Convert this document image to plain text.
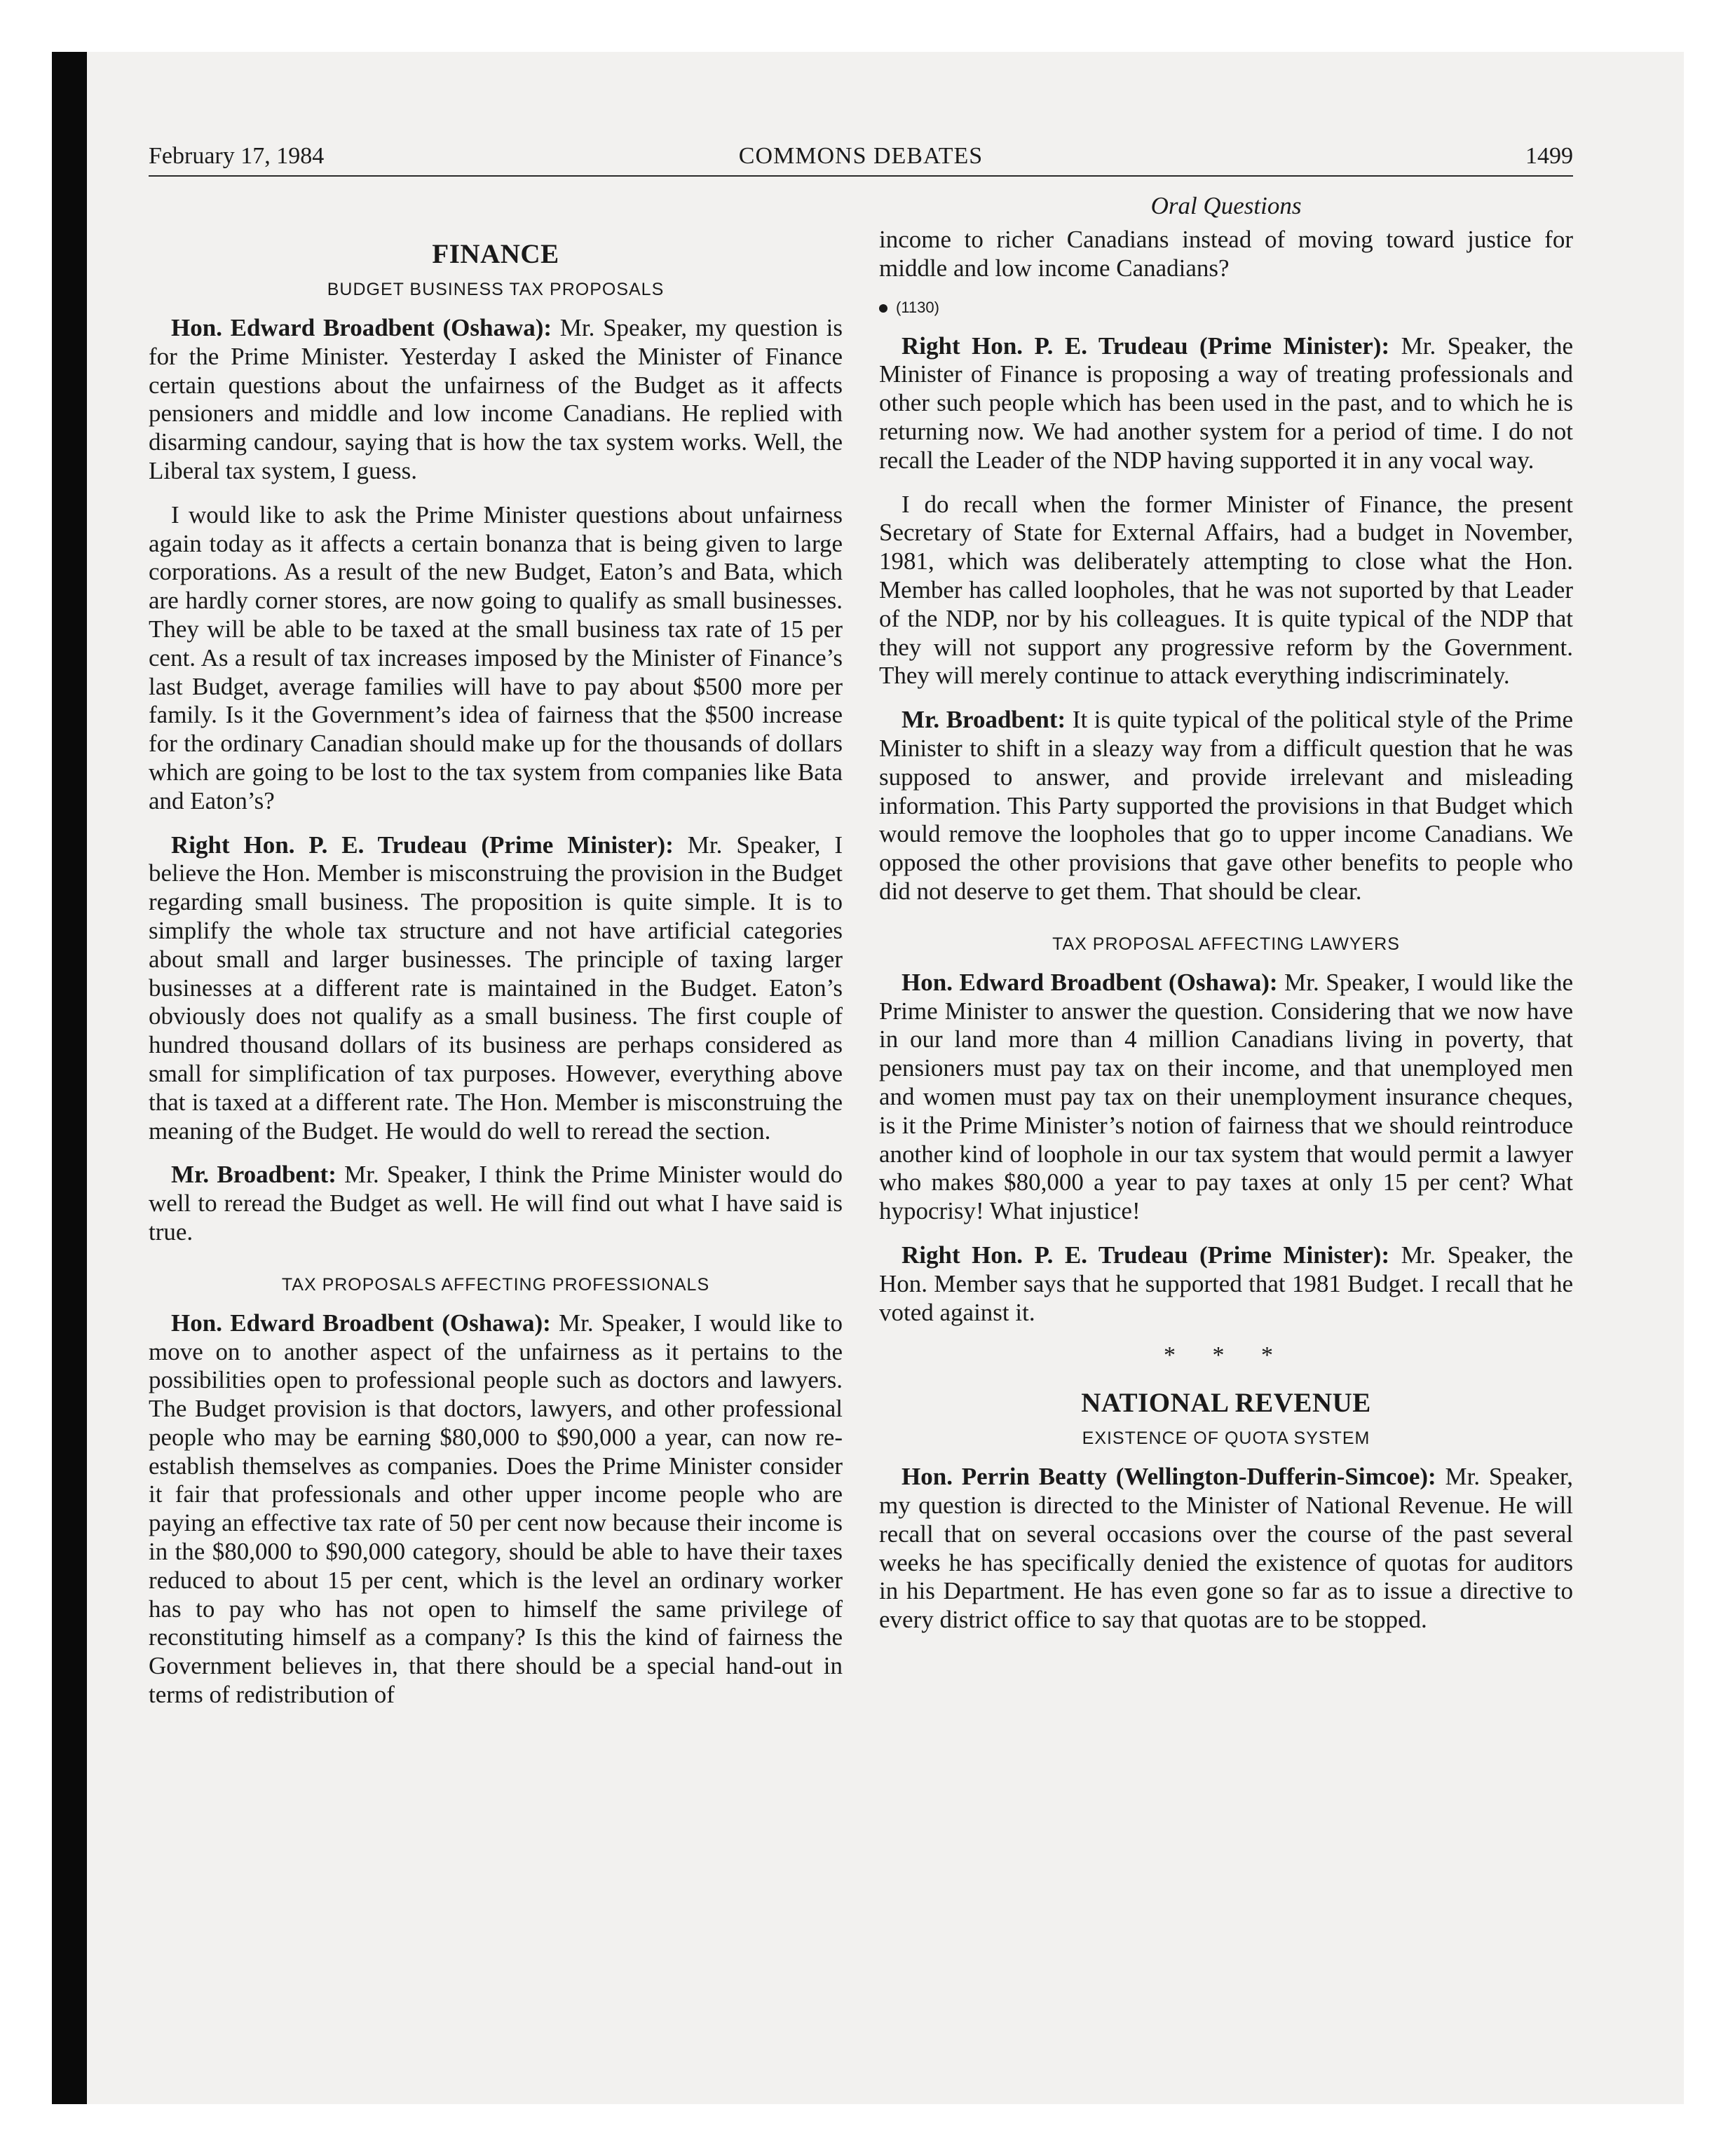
February 17, 1984	COMMONS DEBATES	1499
FINANCE
BUDGET BUSINESS TAX PROPOSALS

Hon. Edward Broadbent (Oshawa): Mr. Speaker, my question is for the Prime Minister. Yesterday I asked the Minister of Finance certain questions about the unfairness of the Budget as it affects pensioners and middle and low income Canadians. He replied with disarming candour, saying that is how the tax system works. Well, the Liberal tax system, I guess.

I would like to ask the Prime Minister questions about unfairness again today as it affects a certain bonanza that is being given to large corporations. As a result of the new Budget, Eaton’s and Bata, which are hardly corner stores, are now going to qualify as small businesses. They will be able to be taxed at the small business tax rate of 15 per cent. As a result of tax increases imposed by the Minister of Finance’s last Budget, average families will have to pay about $500 more per family. Is it the Government’s idea of fairness that the $500 increase for the ordinary Canadian should make up for the thousands of dollars which are going to be lost to the tax system from companies like Bata and Eaton’s?

Right Hon. P. E. Trudeau (Prime Minister): Mr. Speaker, I believe the Hon. Member is misconstruing the provision in the Budget regarding small business. The proposition is quite simple. It is to simplify the whole tax structure and not have artificial categories about small and larger businesses. The principle of taxing larger businesses at a different rate is maintained in the Budget. Eaton’s obviously does not qualify as a small business. The first couple of hundred thousand dollars of its business are perhaps considered as small for simplification of tax purposes. However, everything above that is taxed at a different rate. The Hon. Member is misconstruing the meaning of the Budget. He would do well to reread the section.

Mr. Broadbent: Mr. Speaker, I think the Prime Minister would do well to reread the Budget as well. He will find out what I have said is true.

TAX PROPOSALS AFFECTING PROFESSIONALS

Hon. Edward Broadbent (Oshawa): Mr. Speaker, I would like to move on to another aspect of the unfairness as it pertains to the possibilities open to professional people such as doctors and lawyers. The Budget provision is that doctors, lawyers, and other professional people who may be earning $80,000 to $90,000 a year, can now re-establish themselves as companies. Does the Prime Minister consider it fair that professionals and other upper income people who are paying an effective tax rate of 50 per cent now because their income is in the $80,000 to $90,000 category, should be able to have their taxes reduced to about 15 per cent, which is the level an ordinary worker has to pay who has not open to himself the same privilege of reconstituting himself as a company? Is this the kind of fairness the Government believes in, that there should be a special hand-out in terms of redistribution of

Oral Questions

income to richer Canadians instead of moving toward justice for middle and low income Canadians?

(1130)

Right Hon. P. E. Trudeau (Prime Minister): Mr. Speaker, the Minister of Finance is proposing a way of treating professionals and other such people which has been used in the past, and to which he is returning now. We had another system for a period of time. I do not recall the Leader of the NDP having supported it in any vocal way.

I do recall when the former Minister of Finance, the present Secretary of State for External Affairs, had a budget in November, 1981, which was deliberately attempting to close what the Hon. Member has called loopholes, that he was not suported by that Leader of the NDP, nor by his colleagues. It is quite typical of the NDP that they will not support any progressive reform by the Government. They will merely continue to attack everything indiscriminately.

Mr. Broadbent: It is quite typical of the political style of the Prime Minister to shift in a sleazy way from a difficult question that he was supposed to answer, and provide irrelevant and misleading information. This Party supported the provisions in that Budget which would remove the loopholes that go to upper income Canadians. We opposed the other provisions that gave other benefits to people who did not deserve to get them. That should be clear.

TAX PROPOSAL AFFECTING LAWYERS

Hon. Edward Broadbent (Oshawa): Mr. Speaker, I would like the Prime Minister to answer the question. Considering that we now have in our land more than 4 million Canadians living in poverty, that pensioners must pay tax on their income, and that unemployed men and women must pay tax on their unemployment insurance cheques, is it the Prime Minister’s notion of fairness that we should reintroduce another kind of loophole in our tax system that would permit a lawyer who makes $80,000 a year to pay taxes at only 15 per cent? What hypocrisy! What injustice!

Right Hon. P. E. Trudeau (Prime Minister): Mr. Speaker, the Hon. Member says that he supported that 1981 Budget. I recall that he voted against it.

* * *
NATIONAL REVENUE
EXISTENCE OF QUOTA SYSTEM

Hon. Perrin Beatty (Wellington-Dufferin-Simcoe): Mr. Speaker, my question is directed to the Minister of National Revenue. He will recall that on several occasions over the course of the past several weeks he has specifically denied the existence of quotas for auditors in his Department. He has even gone so far as to issue a directive to every district office to say that quotas are to be stopped.
